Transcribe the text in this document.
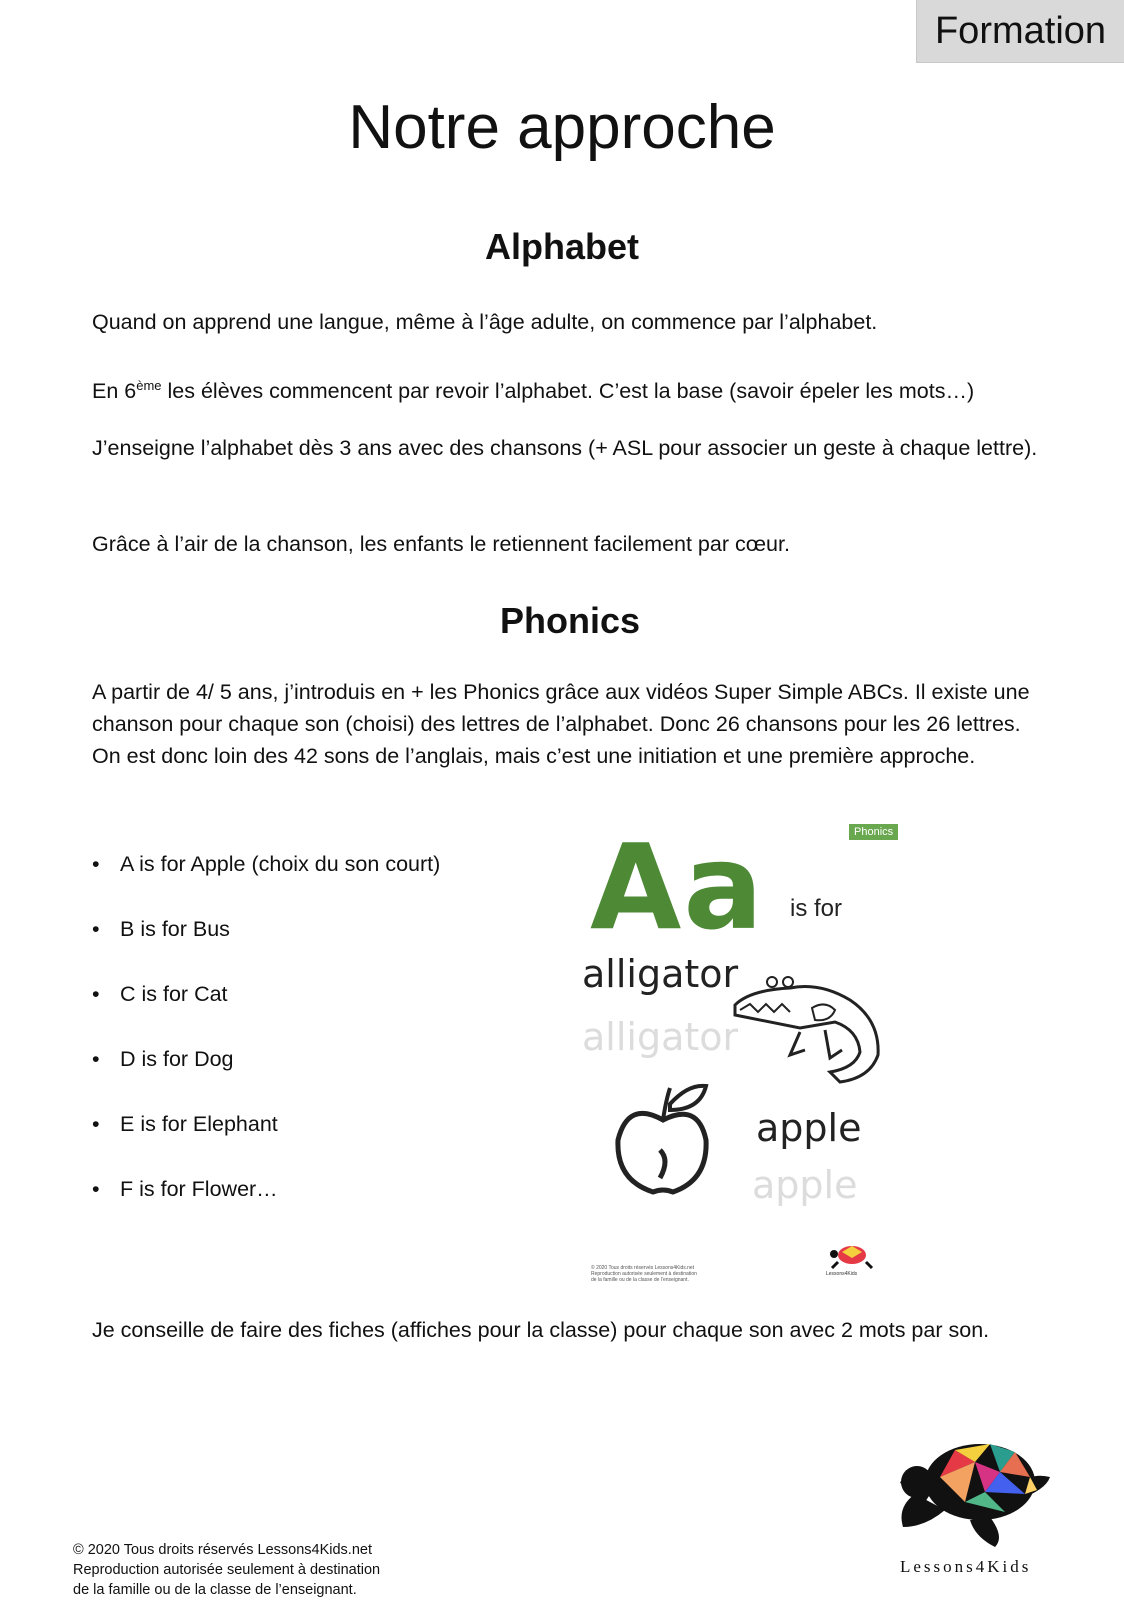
Formation
Notre approche
Alphabet

Quand on apprend une langue, même à l’âge adulte, on commence par l’alphabet.

En 6ème les élèves commencent par revoir l’alphabet. C’est la base (savoir épeler les mots…)

J’enseigne l’alphabet dès 3 ans avec des chansons (+ ASL pour associer un geste à chaque lettre).

Grâce à l’air de la chanson, les enfants le retiennent facilement par cœur.

Phonics

A partir de 4/ 5 ans, j’introduis en + les Phonics grâce aux vidéos Super Simple ABCs. Il existe une chanson pour chaque son (choisi) des lettres de l’alphabet. Donc 26 chansons pour les 26 lettres. On est donc loin des 42 sons de l’anglais, mais c’est une initiation et une première approche.

• A is for Apple (choix du son court)
• B is for Bus
• C is for Cat
• D is for Dog
• E is for Elephant
• F is for Flower…
Phonics
Aa is for
alligator
alligator
apple
apple
© 2020 Tous droits réservés Lessons4Kids.net Reproduction autorisée seulement à destination de la famille ou de la classe de l’enseignant.
Lessons4Kids

Je conseille de faire des fiches (affiches pour la classe) pour chaque son avec 2 mots par son.

© 2020 Tous droits réservés Lessons4Kids.net
Reproduction autorisée seulement à destination
de la famille ou de la classe de l’enseignant.
Lessons4Kids
